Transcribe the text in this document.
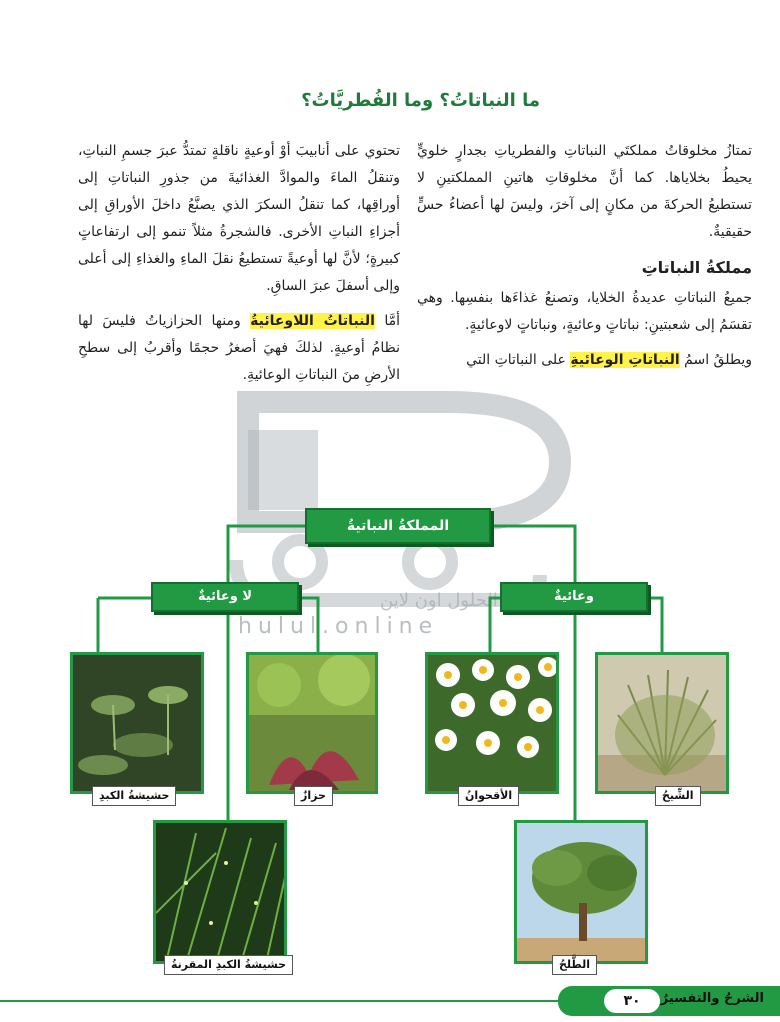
ما النباتاتُ؟ وما الفُطريَّاتُ؟

تمتازُ مخلوقاتُ مملكتَي النباتاتِ والفطرياتِ بجدارٍ خلويٍّ يحيطُ بخلاياها. كما أنَّ مخلوقاتِ هاتينِ المملكتينِ لا تستطيعُ الحركةَ من مكانٍ إلى آخرَ، وليسَ لها أعضاءُ حسٍّ حقيقيةٌ.

مملكةُ النباتاتِ

جميعُ النباتاتِ عديدةُ الخلايا، وتصنعُ غذاءَها بنفسِها. وهي تقسَمُ إلى شعبتينِ: نباتاتٍ وعائيةٍ، ونباتاتٍ لاوعائيةٍ.

ويطلقُ اسمُ النباتاتِ الوعائيةِ على النباتاتِ التي

تحتوي على أنابيبَ أوْ أوعيةٍ ناقلةٍ تمتدُّ عبرَ جسمِ النباتِ، وتنقلُ الماءَ والموادَّ الغذائيةَ من جذورِ النباتاتِ إلى أوراقِها، كما تنقلُ السكرَ الذي يصنَّعُ داخلَ الأوراقِ إلى أجزاءِ النباتِ الأخرى. فالشجرةُ مثلاً تنمو إلى ارتفاعاتٍ كبيرةٍ؛ لأنَّ لها أوعيةً تستطيعُ نقلَ الماءِ والغذاءِ إلى أعلى وإلى أسفلَ عبرَ الساقِ.

أمَّا النباتاتُ اللاوعائيةُ ومنها الحزازياتُ فليسَ لها نظامُ أوعيةٍ. لذلكَ فهيَ أصغرُ حجمًا وأقربُ إلى سطحِ الأرضِ منَ النباتاتِ الوعائيةِ.

hulul.online
الحلول اون لاين
المملكةُ النباتيةُ
وعائيةٌ
لا وعائيةٌ
حشيشةُ الكبدِ	حزازٌ
حشيشةُ الكبدِ المقرنةُ
الأقحوانُ	الشِّيحُ
الطَّلحُ
الشرحُ والتفسيرُ
٣٠
